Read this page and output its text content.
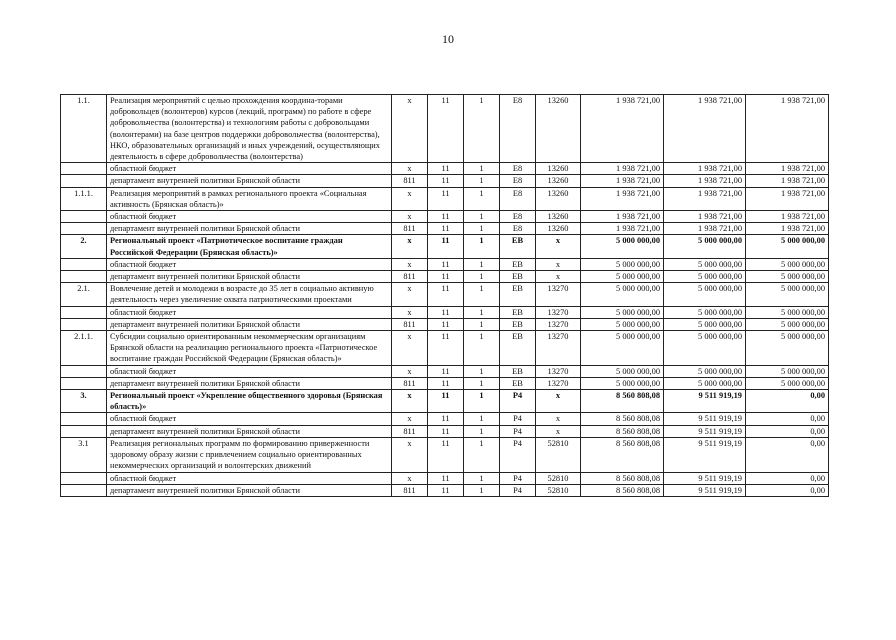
10
1.1.	Реализация мероприятий с целью прохождения координа-торами добровольцев (волонтеров) курсов (лекций, программ) по работе в сфере добровольчества (волонтерства) и технологиям работы с добровольцами (волонтерами) на базе центров поддержки добровольчества (волонтерства), НКО, образовательных организаций и иных учреждений, осуществляющих деятельность в сфере добровольчества (волонтерства)	x	11	1	E8	13260	1 938 721,00	1 938 721,00	1 938 721,00
	областной бюджет	x	11	1	E8	13260	1 938 721,00	1 938 721,00	1 938 721,00
	департамент внутренней политики Брянской области	811	11	1	E8	13260	1 938 721,00	1 938 721,00	1 938 721,00
1.1.1.	Реализация мероприятий в рамках регионального проекта «Социальная активность (Брянская область)»	x	11	1	E8	13260	1 938 721,00	1 938 721,00	1 938 721,00
	областной бюджет	x	11	1	E8	13260	1 938 721,00	1 938 721,00	1 938 721,00
	департамент внутренней политики Брянской области	811	11	1	E8	13260	1 938 721,00	1 938 721,00	1 938 721,00
2.	Региональный проект «Патриотическое воспитание граждан Российской Федерации (Брянская область)»	x	11	1	EB	x	5 000 000,00	5 000 000,00	5 000 000,00
	областной бюджет	x	11	1	EB	x	5 000 000,00	5 000 000,00	5 000 000,00
	департамент внутренней политики Брянской области	811	11	1	EB	x	5 000 000,00	5 000 000,00	5 000 000,00
2.1.	Вовлечение детей и молодежи в возрасте до 35 лет в социально активную деятельность через увеличение охвата патриотическими проектами	x	11	1	EB	13270	5 000 000,00	5 000 000,00	5 000 000,00
	областной бюджет	x	11	1	EB	13270	5 000 000,00	5 000 000,00	5 000 000,00
	департамент внутренней политики Брянской области	811	11	1	EB	13270	5 000 000,00	5 000 000,00	5 000 000,00
2.1.1.	Субсидии социально ориентированным некоммерческим организациям Брянской области на реализацию регионального проекта «Патриотическое воспитание граждан Российской Федерации (Брянская область)»	x	11	1	EB	13270	5 000 000,00	5 000 000,00	5 000 000,00
	областной бюджет	x	11	1	EB	13270	5 000 000,00	5 000 000,00	5 000 000,00
	департамент внутренней политики Брянской области	811	11	1	EB	13270	5 000 000,00	5 000 000,00	5 000 000,00
3.	Региональный проект «Укрепление общественного здоровья (Брянская область)»	x	11	1	P4	x	8 560 808,08	9 511 919,19	0,00
	областной бюджет	x	11	1	P4	x	8 560 808,08	9 511 919,19	0,00
	департамент внутренней политики Брянской области	811	11	1	P4	x	8 560 808,08	9 511 919,19	0,00
3.1	Реализация региональных программ по формированию приверженности здоровому образу жизни с привлечением социально ориентированных некоммерческих организаций и волонтерских движений	x	11	1	P4	52810	8 560 808,08	9 511 919,19	0,00
	областной бюджет	x	11	1	P4	52810	8 560 808,08	9 511 919,19	0,00
	департамент внутренней политики Брянской области	811	11	1	P4	52810	8 560 808,08	9 511 919,19	0,00
